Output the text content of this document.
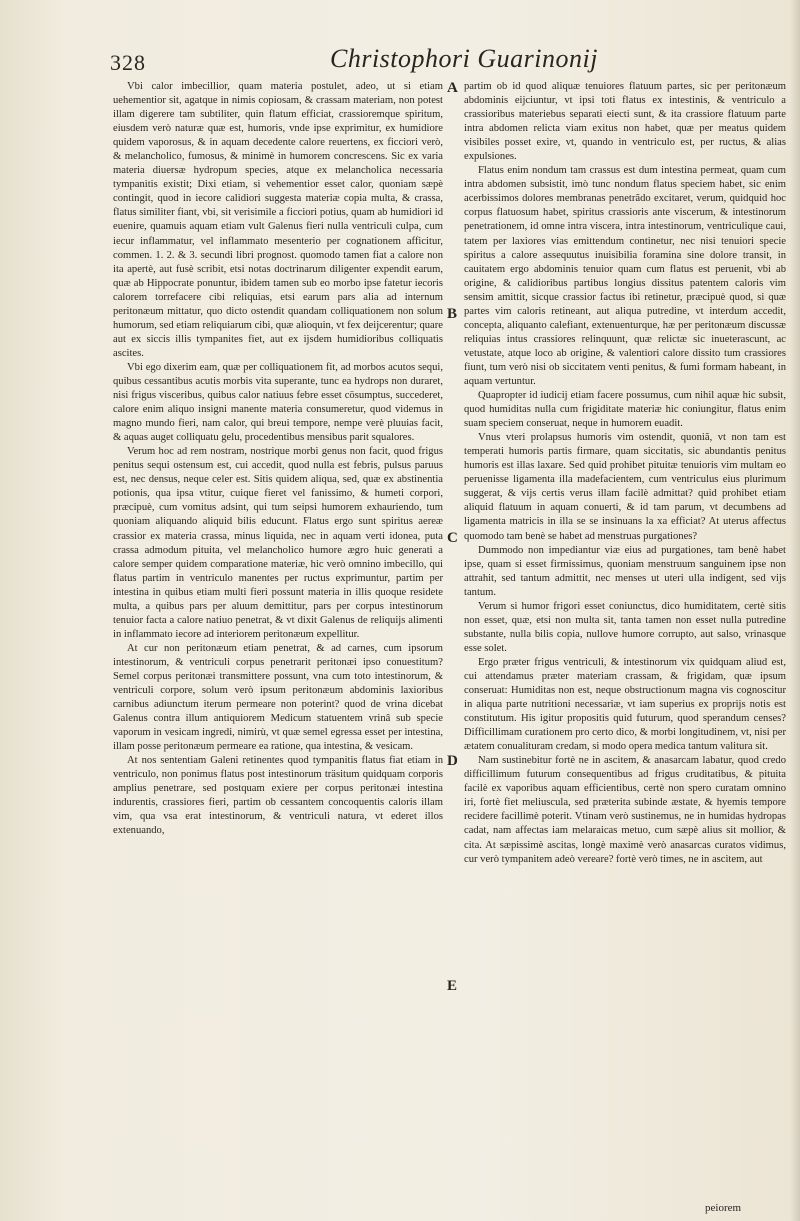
328	Christophori Guarinonij

Vbi calor imbecillior, quam materia postulet, adeo, ut si etiam uehementior sit, agatque in nimis copiosam, & crassam materiam, non potest illam digerere tam subtiliter, quin flatum efficiat, crassioremque spiritum, eiusdem verò naturæ quæ est, humoris, vnde ipse exprimitur, ex humidiore quidem vaporosus, & in aquam decedente calore reuertens, ex ficciori verò, & melancholico, fumosus, & minimè in humorem concrescens. Sic ex varia materia diuersæ hydropum species, atque ex melancholica necessaria tympanitis existit; Dixi etiam, si vehementior esset calor, quoniam sæpè contingit, quod in iecore calidiori suggesta materiæ copia multa, & crassa, flatus similiter fiant, vbi, sit verisimile a ficciori potius, quam ab humidiori id euenire, quamuis aquam etiam vult Galenus fieri nulla ventriculi culpa, cum iecur inflammatur, vel inflammato mesenterio per cognationem afficitur, commen. 1. 2. & 3. secundi libri prognost. quomodo tamen fiat a calore non ita apertè, aut fusè scribit, etsi notas doctrinarum diligenter expendit earum, quæ ab Hippocrate ponuntur, ibidem tamen sub eo morbo ipse fatetur iecoris calorem torrefacere cibi reliquias, etsi earum pars alia ad internum peritonæum mittatur, quo dicto ostendit quandam colliquationem non solum humorum, sed etiam reliquiarum cibi, quæ alioquin, vt fex deijcerentur; quare aut ex siccis illis tympanites fiet, aut ex ijsdem humidioribus colliquatis ascites.

Vbi ego dixerim eam, quæ per colliquationem fit, ad morbos acutos sequi, quibus cessantibus acutis morbis vita superante, tunc ea hydrops non duraret, nisi frigus visceribus, quibus calor natiuus febre esset cösumptus, succederet, calore enim aliquo insigni manente materia consumeretur, quod videmus in magno mundo fieri, nam calor, qui breui tempore, nempe verè pluuias facit, & aquas auget colliquatu gelu, procedentibus mensibus parit squalores.

Verum hoc ad rem nostram, nostrique morbi genus non facit, quod frigus penitus sequi ostensum est, cui accedit, quod nulla est febris, pulsus paruus est, nec densus, neque celer est. Sitis quidem aliqua, sed, quæ ex abstinentia potionis, qua ipsa vtitur, cuique fieret vel fanissimo, & humeti corpori, præcipuè, cum vomitus adsint, qui tum seipsi humorem exhauriendo, tum quoniam aliquando aliquid bilis educunt. Flatus ergo sunt spiritus aereæ crassior ex materia crassa, minus liquida, nec in aquam verti idonea, puta crassa admodum pituita, vel melancholico humore ægro huic generati a calore semper quidem comparatione materiæ, hic verò omnino imbecillo, qui flatus partim in ventriculo manentes per ructus exprimuntur, partim per intestina in quibus etiam multi fieri possunt materia in illis quoque residete multa, a quibus pars per aluum demittitur, pars per corpus intestinorum tenuior facta a calore natiuo penetrat, & vt dixit Galenus de reliquijs alimenti in inflammato iecore ad interiorem peritonæum expellitur.

At cur non peritonæum etiam penetrat, & ad carnes, cum ipsorum intestinorum, & ventriculi corpus penetrarit peritonæi ipso conuestitum? Semel corpus peritonæi transmittere possunt, vna cum toto intestinorum, & ventriculi corpore, solum verò ipsum peritonæum abdominis laxioribus carnibus adiunctum iterum permeare non poterint? quod de vrina dicebat Galenus contra illum antiquiorem Medicum statuentem vrinâ sub specie vaporum in vesicam ingredi, nimirù, vt quæ semel egressa esset per intestina, illam posse peritonæum permeare ea ratione, qua intestina, & vesicam.

At nos sententiam Galeni retinentes quod tympanitis flatus fiat etiam in ventriculo, non ponimus flatus post intestinorum träsitum quidquam corporis amplius penetrare, sed postquam exiere per corpus peritonæi intestina indurentis, crassiores fieri, partim ob cessantem concoquentis caloris illam vim, qua vsa erat intestinorum, & ventriculi natura, vt ederet illos extenuando,

A
B
C
D
E

partim ob id quod aliquæ tenuiores flatuum partes, sic per peritonæum abdominis eijciuntur, vt ipsi toti flatus ex intestinis, & ventriculo a crassioribus materiebus separati eiecti sunt, & ita crassiore flatuum parte intra abdomen relicta viam exitus non habet, quæ per meatus quidem visibiles posset exire, vt, quando in ventriculo est, per ructus, & alias expulsiones.

Flatus enim nondum tam crassus est dum intestina permeat, quam cum intra abdomen subsistit, imò tunc nondum flatus speciem habet, sic enim acerbissimos dolores membranas penetrãdo excitaret, verum, quidquid hoc corpus flatuosum habet, spiritus crassioris ante viscerum, & intestinorum penetrationem, id omne intra viscera, intra intestinorum, ventriculique caui, tatem per laxiores vias emittendum continetur, nec nisi tenuiori specie spiritus a calore assequutus inuisibilia foramina sine dolore transit, in cauitatem ergo abdominis tenuior quam cum flatus est peruenit, vbi ab origine, & calidioribus partibus longius dissitus patentem caloris vim sensim amittit, sicque crassior factus ibi retinetur, præcipuè quod, si quæ partes vim caloris retineant, aut aliqua putredine, vt interdum accedit, concepta, aliquanto calefiant, extenuenturque, hæ per peritonæum discussæ reliquias intus crassiores relinquunt, quæ relictæ sic inueterascunt, ac vetustate, atque loco ab origine, & valentiori calore dissito tum crassiores fiunt, tum verò nisi ob siccitatem venti penitus, & fumi formam habeant, in aquam vertuntur.

Quapropter id iudicij etiam facere possumus, cum nihil aquæ hic subsit, quod humiditas nulla cum frigiditate materiæ hic coniungitur, flatus enim suam speciem conseruat, neque in humorem euadit.

Vnus vteri prolapsus humoris vim ostendit, quoniã, vt non tam est temperati humoris partis firmare, quam siccitatis, sic abundantis penitus humoris est illas laxare. Sed quid prohibet pituitæ tenuioris vim multam eo peruenisse ligamenta illa madefacientem, cum ventriculus eius plurimum suggerat, & vijs certis verus illam facilè admittat? quid prohibet etiam aliquid flatuum in aquam conuerti, & id tam parum, vt decumbens ad ligamenta matricis in illa se se insinuans la xa efficiat? At uterus affectus quomodo tam benè se habet ad menstruas purgationes?

Dummodo non impediantur viæ eius ad purgationes, tam benè habet ipse, quam si esset firmissimus, quoniam menstruum sanguinem ipse non attrahit, sed tantum admittit, nec menses ut uteri ulla indigent, sed vijs tantum.

Verum si humor frigori esset coniunctus, dico humiditatem, certè sitis non esset, quæ, etsi non multa sit, tanta tamen non esset nulla putredine substante, nulla bilis copia, nullove humore corrupto, aut salso, vrinasque esse solet.

Ergo præter frigus ventriculi, & intestinorum vix quidquam aliud est, cui attendamus præter materiam crassam, & frigidam, quæ ipsum conseruat: Humiditas non est, neque obstructionum magna vis cognoscitur in aliqua parte nutritioni necessariæ, vt iam superius ex proprijs notis est constitutum. His igitur propositis quid futurum, quod sperandum censes? Difficillimam curationem pro certo dico, & morbi longitudinem, vt, nisi per ætatem conualituram credam, si modo opera medica tantum valitura sit.

Nam sustinebitur fortè ne in ascitem, & anasarcam labatur, quod credo difficillimum futurum consequentibus ad frigus cruditatibus, & pituita facilè ex vaporibus aquam efficientibus, certè non spero curatam omnino iri, fortè fiet meliuscula, sed præterita subinde æstate, & hyemis tempore recidere facillimè poterit. Vtinam verò sustinemus, ne in humidas hydropas cadat, nam affectas iam melaraicas metuo, cum sæpè alius sit mollior, & cita. At sæpissimè ascitas, longè maximè verò anasarcas curatos vidimus, cur verò tympanitem adeò vereare? fortè verò times, ne in ascitem, aut

peiorem
